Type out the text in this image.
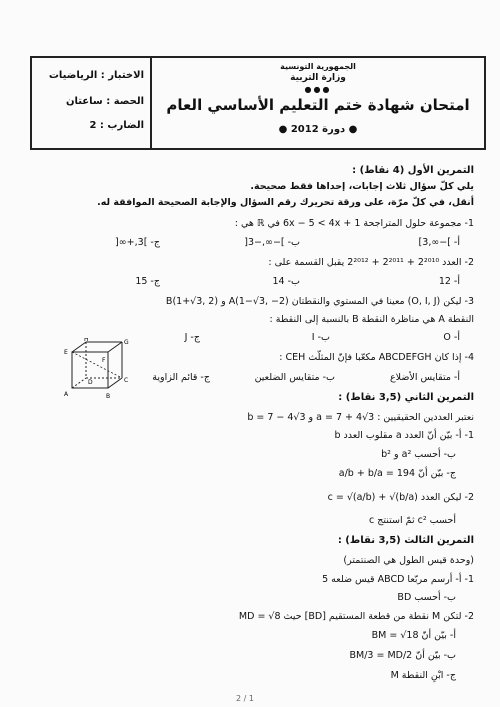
الاختبار : الرياضيات
الحصة : ساعتان
الضارب : 2
الجمهورية التونسية
وزارة التربية
●●●
امتحان شهادة ختم التعليم الأساسي العام
● دورة 2012 ●
التمرين الأول (4 نقاط) :
يلي كلّ سؤال ثلاث إجابات، إحداها فقط صحيحة.
أنقل، في كلّ مرّة، على ورقة تحريرك رقم السؤال والإجابة الصحيحة الموافقة له.
1- مجموعة حلول المتراجحة 6x − 5 < 4x + 1 في ℝ هي :
أ- ]−∞,3]
ب- ]−∞,−3[
ج- ]3,+∞[
2- العدد 2²⁰¹⁰ + 2²⁰¹¹ + 2²⁰¹² يقبل القسمة على :
أ- 12
ب- 14
ج- 15
3- ليكن (O, I, J) معينا في المستوي والنقطتان A(1−√3, −2) و B(1+√3, 2)
النقطة A هي مناظرة النقطة B بالنسبة إلى النقطة :
أ- O
ب- I
ج- J
4- إذا كان ABCDEFGH مكعّبا فإنّ المثلّث CEH :
أ- متقايس الأضلاع
ب- متقايس الضلعين
ج- قائم الزاوية
E
H	G
F
D
A	B
C
التمرين الثاني (3,5 نقاط) :
نعتبر العددين الحقيقيين : a = 7 + 4√3 و b = 7 − 4√3
1- أ- بيّن أنّ العدد a مقلوب العدد b
ب- أحسب a² و b²
ج- بيّن أنّ a/b + b/a = 194
2- ليكن العدد c = √(a/b) + √(b/a)
أحسب c² ثمّ استنتج c
التمرين الثالث (3,5 نقاط) :
(وحدة قيس الطول هي الصنتمتر)
1- أ- أرسم مربّعا ABCD قيس ضلعه 5
ب- أحسب BD
2- لتكن M نقطة من قطعة المستقيم [BD] حيث MD = √8
أ- بيّن أنّ BM = √18
ب- بيّن أنّ BM/3 = MD/2
ج- ابْنِ النقطة M
2 / 1
